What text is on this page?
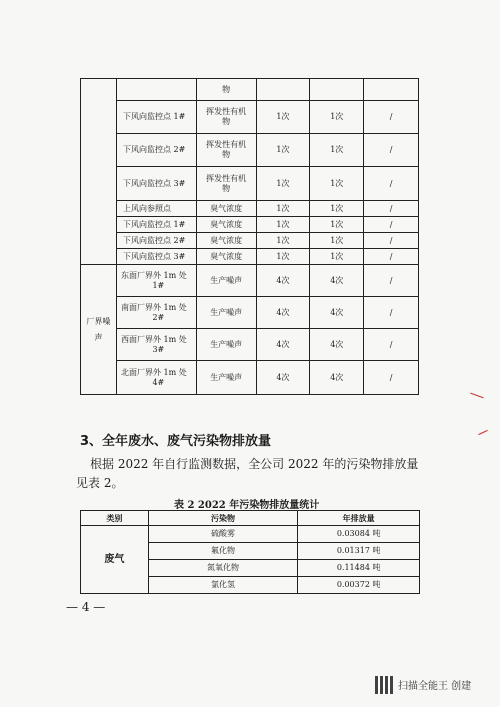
		物			
	下风向监控点 1#	挥发性有机
物	1次	1次	/
	下风向监控点 2#	挥发性有机
物	1次	1次	/
	下风向监控点 3#	挥发性有机
物	1次	1次	/
	上风向参照点	臭气浓度	1次	1次	/
	下风向监控点 1#	臭气浓度	1次	1次	/
	下风向监控点 2#	臭气浓度	1次	1次	/
	下风向监控点 3#	臭气浓度	1次	1次	/

厂界噪声	东面厂界外 1m 处
1#	生产噪声	4次	4次	/

	南面厂界外 1m 处
2#	生产噪声	4次	4次	/

	西面厂界外 1m 处
3#	生产噪声	4次	4次	/

	北面厂界外 1m 处
4#	生产噪声	4次	4次	/
3、全年废水、废气污染物排放量
根据 2022 年自行监测数据，全公司 2022 年的污染物排放量
见表 2。
表 2 2022 年污染物排放量统计
类别	污染物	年排放量
废气	硫酸雾	0.03084 吨
	氟化物	0.01317 吨
	氮氧化物	0.11484 吨
	氯化氢	0.00372 吨
— 4 —
扫描全能王 创建
